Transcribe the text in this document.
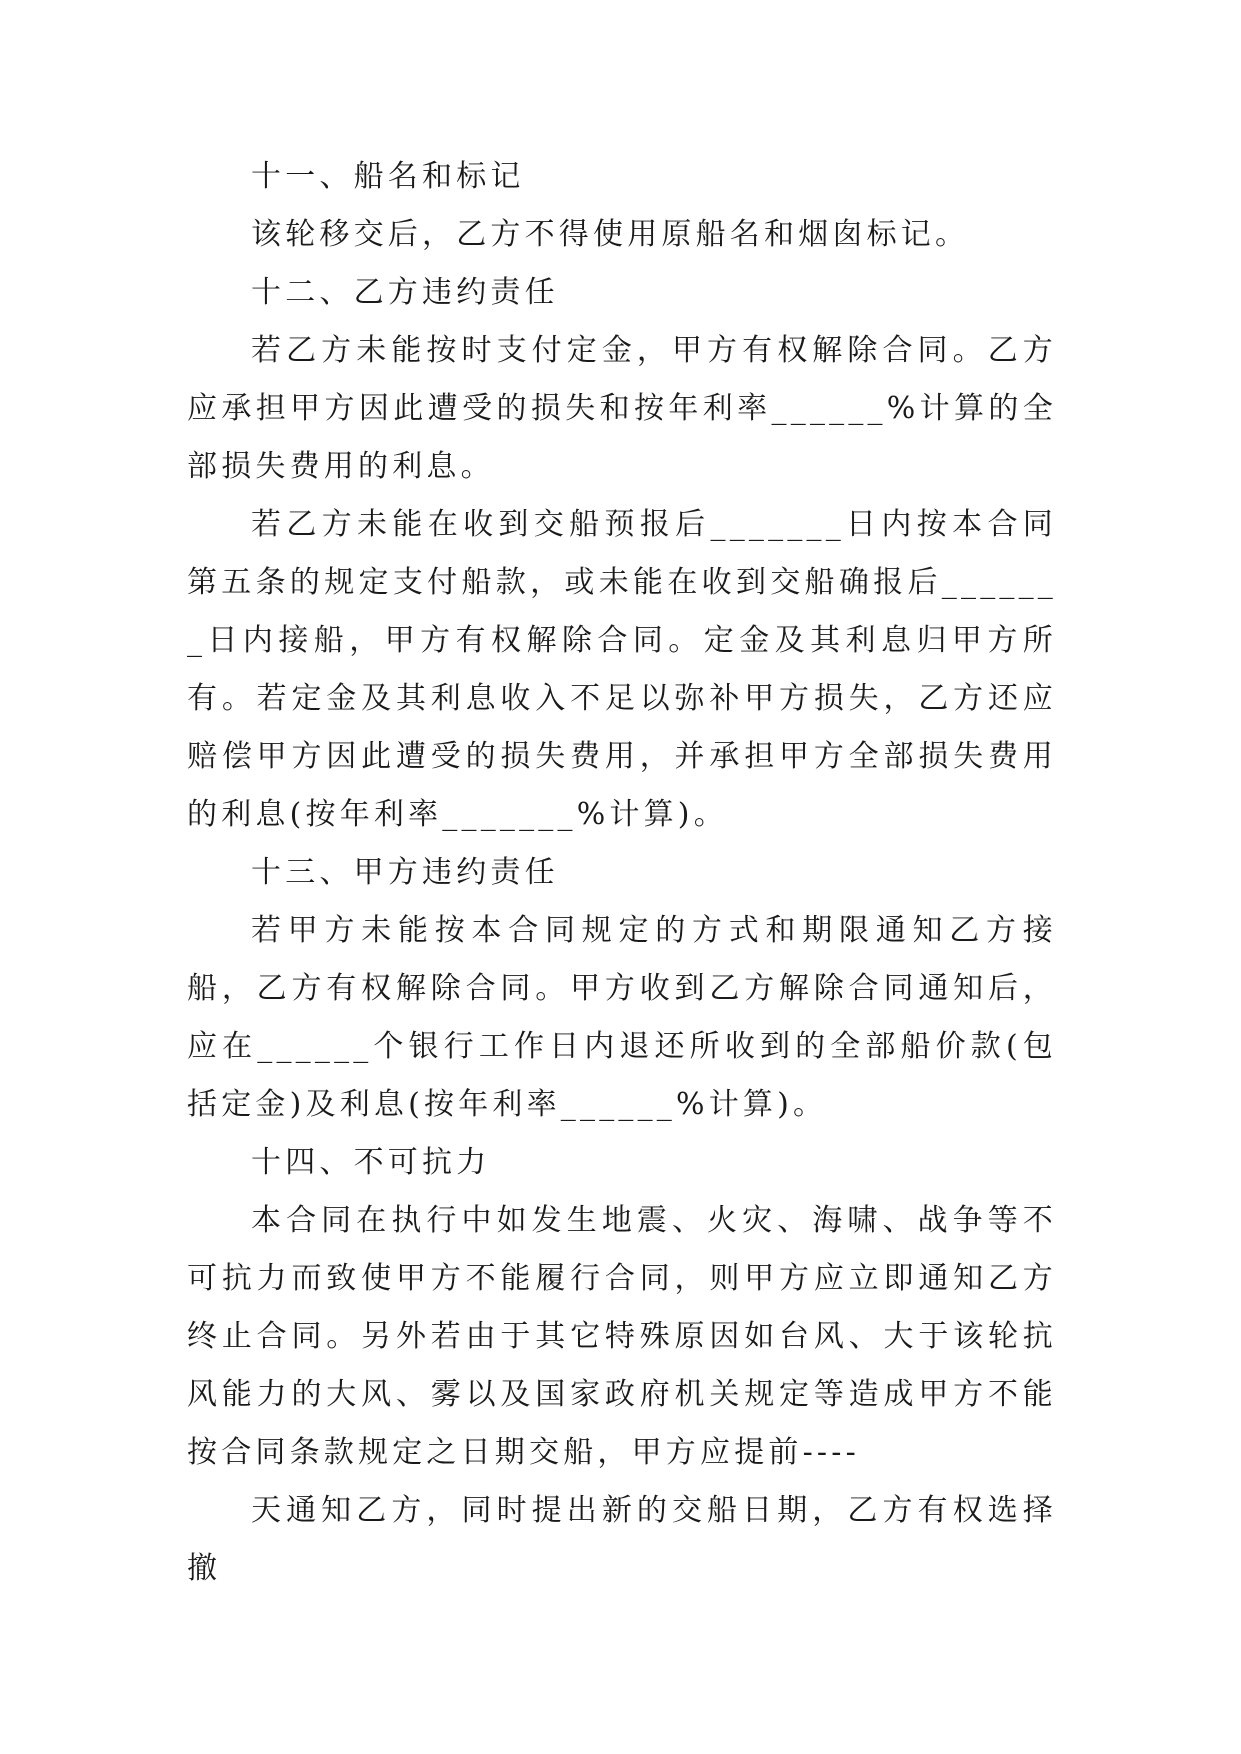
十一、船名和标记

该轮移交后，乙方不得使用原船名和烟囱标记。

十二、乙方违约责任

若乙方未能按时支付定金，甲方有权解除合同。乙方应承担甲方因此遭受的损失和按年利率______%计算的全部损失费用的利息。

若乙方未能在收到交船预报后_______日内按本合同第五条的规定支付船款，或未能在收到交船确报后_______日内接船，甲方有权解除合同。定金及其利息归甲方所有。若定金及其利息收入不足以弥补甲方损失，乙方还应赔偿甲方因此遭受的损失费用，并承担甲方全部损失费用的利息(按年利率_______%计算)。

十三、甲方违约责任

若甲方未能按本合同规定的方式和期限通知乙方接船，乙方有权解除合同。甲方收到乙方解除合同通知后，应在______个银行工作日内退还所收到的全部船价款(包括定金)及利息(按年利率______%计算)。

十四、不可抗力

本合同在执行中如发生地震、火灾、海啸、战争等不可抗力而致使甲方不能履行合同，则甲方应立即通知乙方终止合同。另外若由于其它特殊原因如台风、大于该轮抗风能力的大风、雾以及国家政府机关规定等造成甲方不能按合同条款规定之日期交船，甲方应提前----

天通知乙方，同时提出新的交船日期，乙方有权选择撤
